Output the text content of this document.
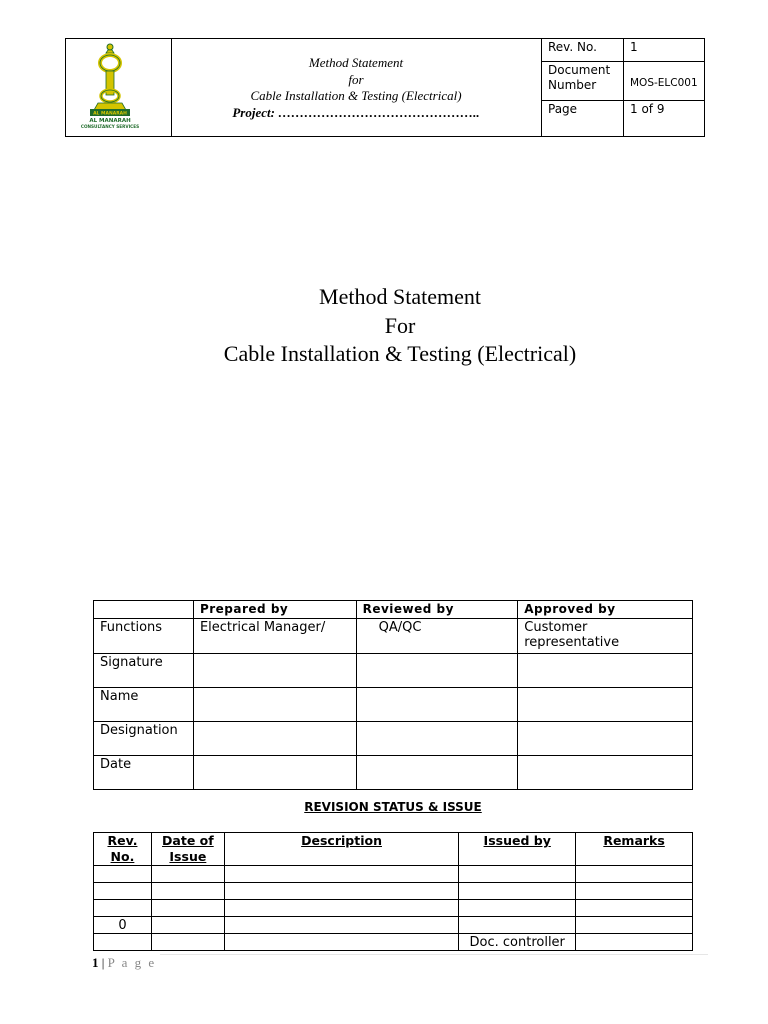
AL MANARAH
AL MANARAH
CONSULTANCY SERVICES
Method Statement
for
Cable Installation & Testing (Electrical)
Project: ………………………………………..
Rev. No.	1
Document Number	MOS-ELC001
Page	1 of 9
Method Statement
For
Cable Installation & Testing (Electrical)
	Prepared by	Reviewed by	Approved by
Functions	Electrical Manager/	QA/QC	Customer representative
Signature			
Name			
Designation			
Date			
REVISION STATUS & ISSUE
Rev. No.	Date of Issue	Description	Issued by	Remarks

0				
			Doc. controller	
1 | P a g e
